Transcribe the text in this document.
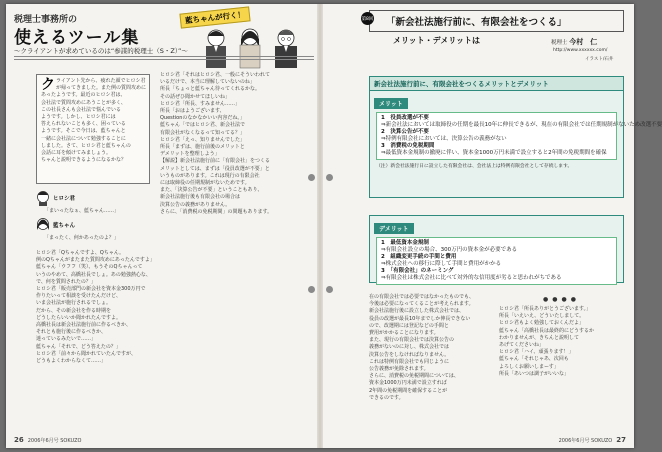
税理士事務所の
使えるツール集
〜クライアントが求めているのは“参謀的税理士（S・Z）”〜
藍ちゃんが行く！
ク ライアント先から、疲れた顔でヒロシ君
が帰ってきました。また例の質問攻めに
あったようです。最近のヒロシ君は、
会社法で質問攻めにあうことが多く、
この社長さんも会社法で悩んでいる
ようです。しかし、ヒロシ君には
答えられないことも多く、困っている
ようです。そこで今日は、藍ちゃんと
一緒に会社法について勉強することに
しました。さて、ヒロシ君と藍ちゃんの
会話に耳を傾けてみましょう。
ちゃんと説明できるようになるかな？
ヒロシ君
「まいったなぁ、藍ちゃん……」
藍ちゃん
「まったく、何かあったのよ？」
ヒロシ君「Qちゃんですよ、Qちゃん。
例のQちゃんがまたまた質問攻めにあったんですよ」
藍ちゃん「ウフフ（笑）、もうそのQちゃんって
いうのやめて、高橋社長でしょ。あの勉強熱心な、
で、何を質問されたの？」
ヒロシ君「販売部門の新会社を資本金300万円で
作りたいって相談を受けたんだけど、
いま会社法が施行されるでしょ。
だから、その新会社を作る時期を
どうしたらいいか聞かれたんですよ。
高橋社長は新会社法施行前に作るべきか、
それとも施行後に作るべきか、
迷っているみたいで……」
藍ちゃん「それで、どう答えたの？」
ヒロシ君「前々から聞かれていたんですが、
どうもよくわからなくて……」
ヒロシ君「それはヒロシ君、一般にそういわれて
いるだけで、本当に理解していないのね」
所長「ちょっと藍ちゃん待ってくれるかな。
その話ぜひ聞かせてほしいね」
ヒロシ君「所長、すみません……」
所長「おはようございます、
Questionのなかなかいい内容だね。」
藍ちゃん「ではヒロシ君、新会社法で
有限会社がなくなるって知ってる？」
ヒロシ君「えっ、知りませんでした」
所長「まずは、施行前後のメリットと
デメリットを整理しよう」
【解説】新会社法施行前に「有限会社」をつくる
メリットとしては、まずは「役員改選が不要」と
いうものがあります。これは現行の有限会社
には取締役の任期規制がないためです。
また、「決算公告が不要」ということもあり、
新会社法施行後も有限会社の場合は
決算公告の義務がありません。
さらに、「消費税の免税期間」の問題もあります。
26 2006年6月号 SOKUZO
「新会社法施行前に、有限会社をつくる」
第8回
メリット・デメリットは	税理士 今村　仁
http://www.xxxxxx.com/
イラスト/石井
新会社法施行前に、有限会社をつくるメリットとデメリット
メリット
1　役員改選が不要
⇒新会社法においては取締役の任期を最長10年に伸長できるが、現在の有限会社では任期規制がないため改選不要
2　決算公告が不要
⇒特例有限会社においては、決算公告の義務がない
3　消費税の免税期間
⇒最低資本金規制の撤廃に伴い、資本金1000万円未満で設立すると2年間の免税期間を確保
（注）新会社法施行日に設立した有限会社は、会社法上は特例有限会社として存続します。
デメリット
1　最低資本金規制
⇒有限会社設立の場合、300万円の資本金が必要である
2　組織変更手続の手間と費用
⇒株式会社への移行に際して手間と費用がかかる
3　「有限会社」のネーミング
⇒有限会社は株式会社に比べて対外的な信用度が劣ると思われがちである
在の有限会社では必要ではなかったものでも、
今後は必要になってくることが考えられます。
新会社法施行後に設立した株式会社では、
役員の改選が最長10年までしか伸長できない
ので、改選期には登記などの手間と
費用がかかることになります。
また、現行の有限会社では決算公告の
義務がないのに対し、株式会社では
決算公告をしなければなりません。
これは特例有限会社でも同じように
公告義務が免除されます。
さらに、消費税の免税期間については、
資本金1000万円未満で設立すれば
2年間の免税期間を確保することが
できるのです。
●●●●
ヒロシ君「所長ありがとうございます。」
所長「いえいえ、どういたしまして。
ヒロシ君もよく勉強しておくんだよ」
藍ちゃん「高橋社長は最終的にどうするか
わかりませんが、きちんと説明して
あげてくださいね」
ヒロシ君「ハイ、頑張ります！」
藍ちゃん「それじゃあ、次回も
よろしくお願いしまーす」
所長「あいつは調子がいいな」
2006年6月号 SOKUZO 27
